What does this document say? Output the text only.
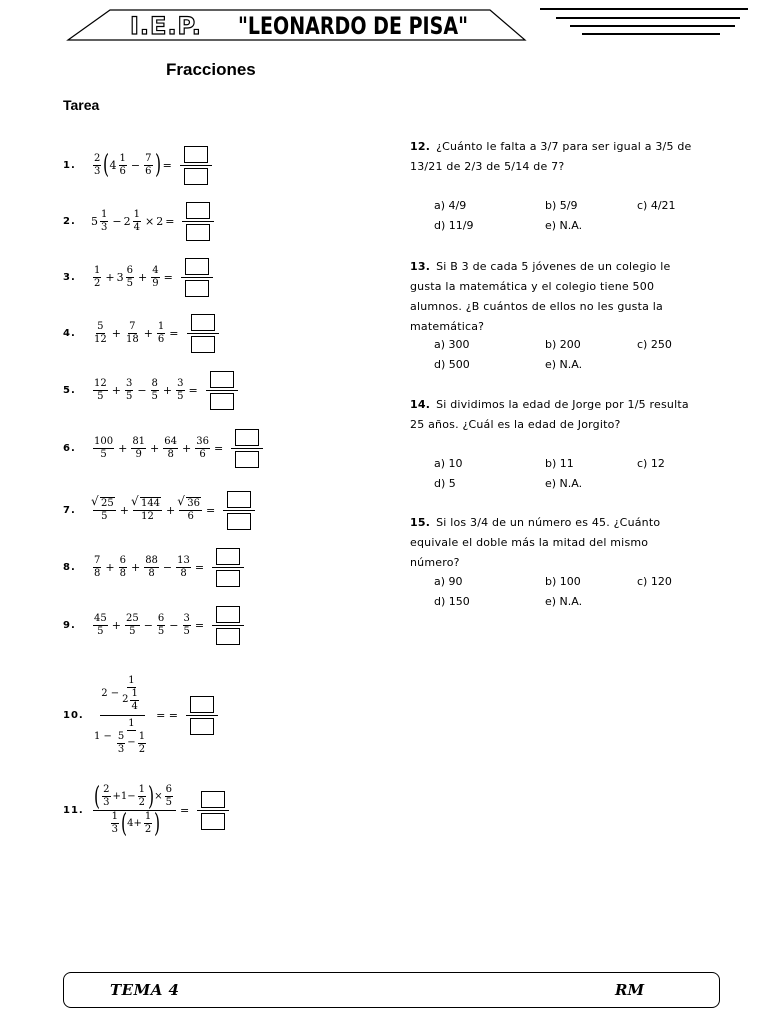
I.E.P. "LEONARDO DE PISA"
Fracciones
Tarea
1.	$\frac{2}{3}$ ( $4 \frac{1}{6} - \frac{7}{6}$ ) =
2.	$5 \frac{1}{3} - 2 \frac{1}{4} \times 2$ =
3.	$\frac{1}{2} + 3 \frac{6}{5} + \frac{4}{9}$ =
4.	$\frac{5}{12} + \frac{7}{18} + \frac{1}{6}$ =
5.	$\frac{12}{5} + \frac{3}{5} - \frac{8}{5} + \frac{3}{5}$ =
6.	$\frac{100}{5} + \frac{81}{9} + \frac{64}{8} + \frac{36}{6}$ =
7.	√ $\frac{25}{5}$ + √ $\frac{144}{12}$ + √ $\frac{36}{6}$ =
8.	$\frac{7}{8} + \frac{6}{8} + \frac{88}{8} - \frac{13}{8}$ =
9.	$\frac{45}{5} + \frac{25}{5} - \frac{6}{5} - \frac{3}{5}$ =
10. $\frac{2 - \frac{1}{2 \frac{1}{4}}}{1 - \frac{1}{\frac{5}{3} - \frac{1}{2}}}$ = =
11. $\frac{( \frac{2}{3} +1- \frac{1}{2} ) \times \frac{6}{5}}{\frac{1}{3} ( 4+ \frac{1}{2} )}$ =
12. ¿Cuánto le falta a 3/7 para ser igual a 3/5 de 13/21 de 2/3 de 5/14 de 7?
a) 4/9	b) 5/9	c) 4/21
d) 11/9	e) N.A.
13. Si B 3 de cada 5 jóvenes de un colegio le gusta la matemática y el colegio tiene 500 alumnos. ¿B cuántos de ellos no les gusta la matemática?
a) 300	b) 200	c) 250
d) 500	e) N.A.
14. Si dividimos la edad de Jorge por 1/5 resulta 25 años. ¿Cuál es la edad de Jorgito?
a) 10	b) 11	c) 12
d) 5	e) N.A.
15. Si los 3/4 de un número es 45. ¿Cuánto equivale el doble más la mitad del mismo número?
a) 90	b) 100	c) 120
d) 150	e) N.A.
TEMA 4	RM
